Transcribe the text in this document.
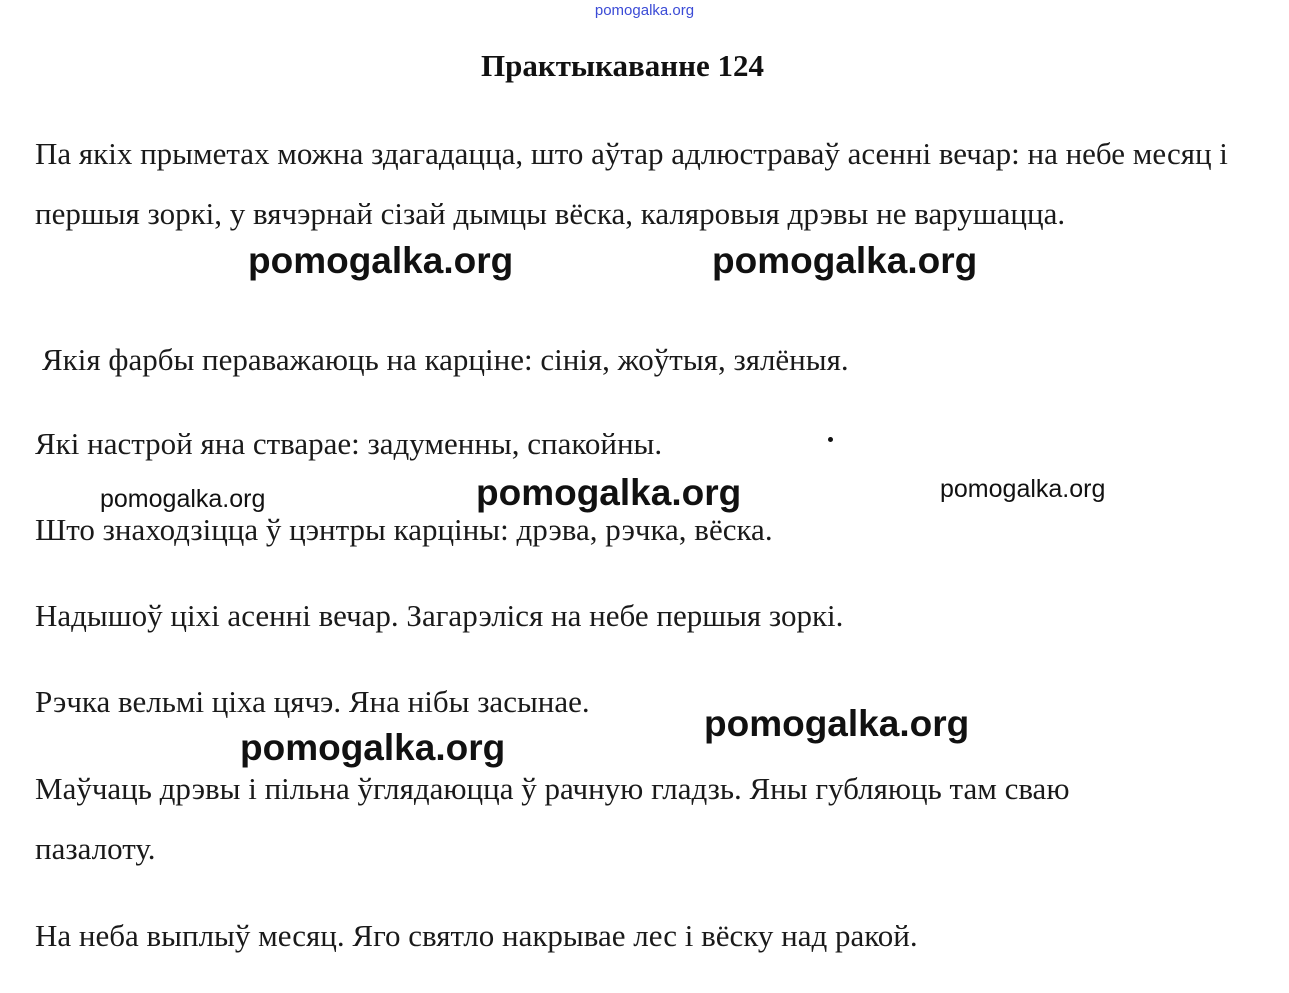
pomogalka.org
Практыкаванне 124

Па якіх прыметах можна здагадацца, што аўтар адлюстраваў асенні вечар: на небе месяц і першыя зоркі, у вячэрнай сізай дымцы вёска, каляровыя дрэвы не варушацца.

Якія фарбы пераважаюць на карціне: сінія, жоўтыя, зялёныя.

Які настрой яна стварае: задуменны, спакойны.

Што знаходзіцца ў цэнтры карціны: дрэва, рэчка, вёска.

Надышоў ціхі асенні вечар. Загарэліся на небе першыя зоркі.

Рэчка вельмі ціха цячэ. Яна нібы засынае.

Маўчаць дрэвы і пільна ўглядаюцца ў рачную гладзь. Яны губляюць там сваю пазалоту.

На неба выплыў месяц. Яго святло накрывае лес і вёску над ракой.

pomogalka.org	pomogalka.org
pomogalka.org	pomogalka.org	pomogalka.org
pomogalka.org
pomogalka.org
